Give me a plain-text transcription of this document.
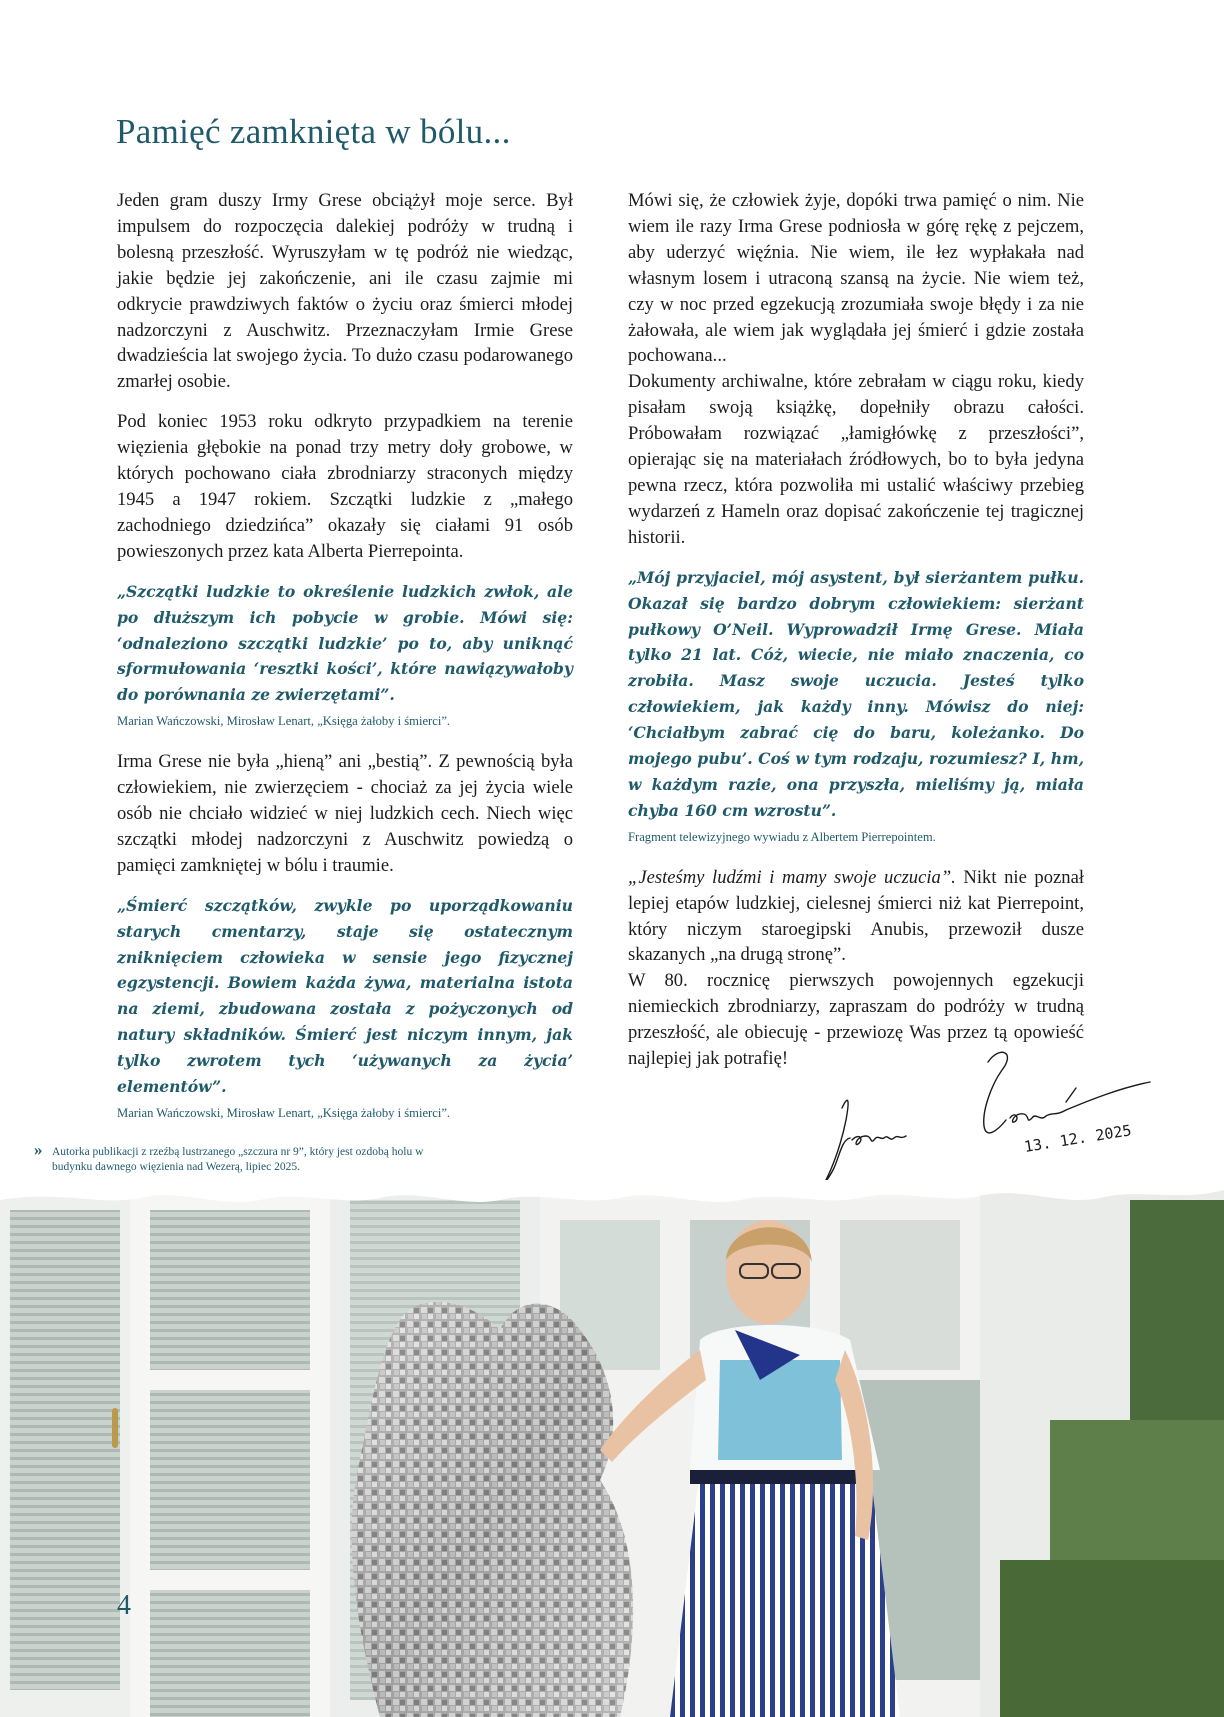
Pamięć zamknięta w bólu...

Jeden gram duszy Irmy Grese obciążył moje serce. Był impulsem do rozpoczęcia dalekiej podróży w trudną i bolesną przeszłość. Wyruszyłam w tę podróż nie wiedząc, jakie będzie jej zakończenie, ani ile czasu zajmie mi odkrycie prawdziwych faktów o życiu oraz śmierci młodej nadzorczyni z Auschwitz. Przeznaczyłam Irmie Grese dwadzieścia lat swojego życia. To dużo czasu podarowanego zmarłej osobie.

Pod koniec 1953 roku odkryto przypadkiem na terenie więzienia głębokie na ponad trzy metry doły grobowe, w których pochowano ciała zbrodniarzy straconych między 1945 a 1947 rokiem. Szczątki ludzkie z „małego zachodniego dziedzińca” okazały się ciałami 91 osób powieszonych przez kata Alberta Pierrepointa.

„Szczątki ludzkie to określenie ludzkich zwłok, ale po dłuższym ich pobycie w grobie. Mówi się: ‘odnaleziono szczątki ludzkie’ po to, aby uniknąć sformułowania ‘resztki kości’, które nawiązywałoby do porównania ze zwierzętami”.

Marian Wańczowski, Mirosław Lenart, „Księga żałoby i śmierci”.

Irma Grese nie była „hieną” ani „bestią”. Z pewnością była człowiekiem, nie zwierzęciem - chociaż za jej życia wiele osób nie chciało widzieć w niej ludzkich cech. Niech więc szczątki młodej nadzorczyni z Auschwitz powiedzą o pamięci zamkniętej w bólu i traumie.

„Śmierć szczątków, zwykle po uporządkowaniu starych cmentarzy, staje się ostatecznym zniknięciem człowieka w sensie jego fizycznej egzystencji. Bowiem każda żywa, materialna istota na ziemi, zbudowana została z pożyczonych od natury składników. Śmierć jest niczym innym, jak tylko zwrotem tych ‘używanych za życia’ elementów”.

Marian Wańczowski, Mirosław Lenart, „Księga żałoby i śmierci”.

Mówi się, że człowiek żyje, dopóki trwa pamięć o nim. Nie wiem ile razy Irma Grese podniosła w górę rękę z pejczem, aby uderzyć więźnia. Nie wiem, ile łez wypłakała nad własnym losem i utraconą szansą na życie. Nie wiem też, czy w noc przed egzekucją zrozumiała swoje błędy i za nie żałowała, ale wiem jak wyglądała jej śmierć i gdzie została pochowana...

Dokumenty archiwalne, które zebrałam w ciągu roku, kiedy pisałam swoją książkę, dopełniły obrazu całości. Próbowałam rozwiązać „łamigłówkę z przeszłości”, opierając się na materiałach źródłowych, bo to była jedyna pewna rzecz, która pozwoliła mi ustalić właściwy przebieg wydarzeń z Hameln oraz dopisać zakończenie tej tragicznej historii.

„Mój przyjaciel, mój asystent, był sierżantem pułku. Okazał się bardzo dobrym człowiekiem: sierżant pułkowy O’Neil. Wyprowadził Irmę Grese. Miała tylko 21 lat. Cóż, wiecie, nie miało znaczenia, co zrobiła. Masz swoje uczucia. Jesteś tylko człowiekiem, jak każdy inny. Mówisz do niej: ‘Chciałbym zabrać cię do baru, koleżanko. Do mojego pubu’. Coś w tym rodzaju, rozumiesz? I, hm, w każdym razie, ona przyszła, mieliśmy ją, miała chyba 160 cm wzrostu”.

Fragment telewizyjnego wywiadu z Albertem Pierrepointem.

„Jesteśmy ludźmi i mamy swoje uczucia”. Nikt nie poznał lepiej etapów ludzkiej, cielesnej śmierci niż kat Pierrepoint, który niczym staroegipski Anubis, przewoził dusze skazanych „na drugą stronę”.

W 80. rocznicę pierwszych powojennych egzekucji niemieckich zbrodniarzy, zapraszam do podróży w trudną przeszłość, ale obiecuję - przewiozę Was przez tą opowieść najlepiej jak potrafię!

13. 12. 2025
» Autorka publikacji z rzeźbą lustrzanego „szczura nr 9”, który jest ozdobą holu w budynku dawnego więzienia nad Wezerą, lipiec 2025.
4
